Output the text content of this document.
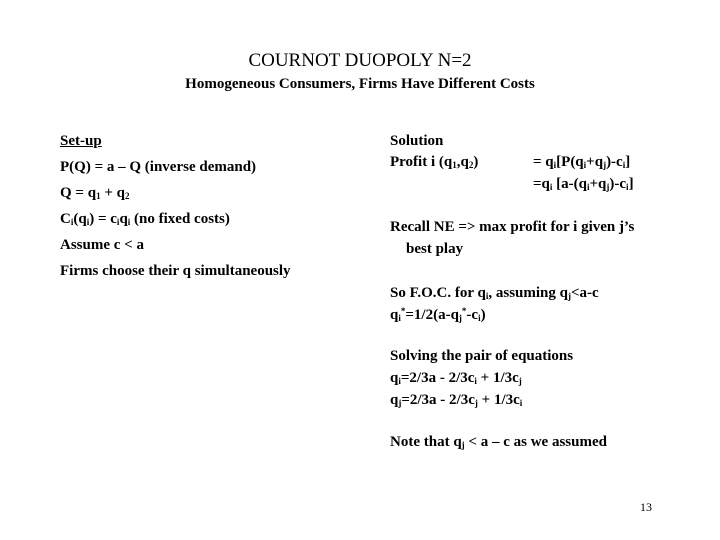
COURNOT DUOPOLY N=2
Homogeneous Consumers, Firms Have Different Costs
Set-up
P(Q) = a – Q (inverse demand)
$Q = q_1 + q_2$
$C_i(q_i) = c_iq_i$ (no fixed costs)
Assume c < a
Firms choose their q simultaneously
Solution
Profit i $(q_1,q_2)$	= $q_i[P(q_i+q_j)-c_i]$
$=q_i$ $[a-(q_i+q_j)-c_i]$
Recall NE => max profit for i given j’s
best play
So F.O.C. for $q_i$, assuming $q_j<a-c$
$q_i^*=1/2(a-q_j^*-c_i)$
Solving the pair of equations
$q_i=2/3a - 2/3c_i + 1/3c_j$
$q_j=2/3a - 2/3c_j + 1/3c_i$
Note that $q_j < a - c$ as we assumed
13
